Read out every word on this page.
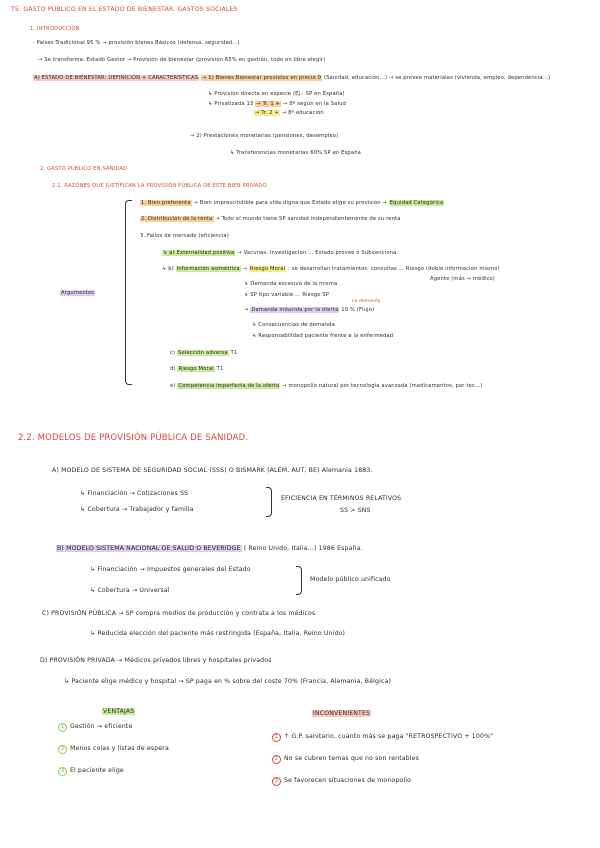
T5: GASTO PÚBLICO EN EL ESTADO DE BIENESTAR. GASTOS SOCIALES
1. INTRODUCCIÓN
· Países Tradicional 95 % → provisión bienes Básicos (defensa, seguridad...)
→ Se transforma: Estado Gestor → Provisión de bienestar (provisión 65% en gestión, todo en libre elegir)
A) ESTADO DE BIENESTAR: DEFINICIÓN + CARACTERÍSTICAS → 1) Bienes Bienestar provistos en precio 0 (Sanidad, educación...) → se provee materiales (vivienda, empleo, dependencia...)
↳ Provisión directa en especie (Ej.: SP en España)
↳ Privatizada 13 → Tr. 1 + → 8º según en la Salud
→ Tr. 2 + → 8º educación
→ 2) Prestaciones monetarias (pensiones, desempleo)
↳ Transferencias monetarias 60% SP en España
2. GASTO PÚBLICO EN SANIDAD
2.1. RAZONES QUE JUSTIFICAN LA PROVISIÓN PÚBLICA DE ESTE BIEN PRIVADO
Argumentos
1. Bien preferente → Bien imprescindible para vida digna que Estado elige su provisión → Equidad Categórica
2. Distribución de la renta → Todo el mundo tiene SP sanidad independientemente de su renta
3. Fallos de mercado (eficiencia)
↳ a) Externalidad positiva → Vacunas, Investigación ... Estado provee o Subvenciona.
↳ b) Información asimétrica → Riesgo Moral : se desarrollan tratamientos, consultas ... Riesgo (doble información mismo)
Agente (más → médico)
↳ Demanda excesiva de la misma
↳ SP tipo variable ... Riesgo SP
no demanda
→ Demanda inducida por la oferta 10 % (Flujo)
↳ Consecuencias de demanda
↳ Responsabilidad paciente frente a la enfermedad
c) Selección adversa T1
d) Riesgo Moral T1
e) Competencia imperfecta de la oferta → monopolio natural por tecnología avanzada (medicamentos, por tec...)
2.2. MODELOS DE PROVISIÓN PÚBLICA DE SANIDAD.
A) MODELO DE SISTEMA DE SEGURIDAD SOCIAL (SSS) O BISMARK (ALEM, AUT, BE) Alemania 1883.
↳ Financiación → Cotizaciones SS
↳ Cobertura → Trabajador y familia
EFICIENCIA EN TÉRMINOS RELATIVOS
SS > SNS
B) MODELO SISTEMA NACIONAL DE SALUD O BEVERIDGE ( Reino Unido, Italia...) 1986 España.
↳ Financiación → Impuestos generales del Estado
↳ Cobertura → Universal
Modelo público unificado
C) PROVISIÓN PÚBLICA → SP compra medios de producción y contrata a los médicos
↳ Reducida elección del paciente más restringida (España, Italia, Reino Unido)
D) PROVISIÓN PRIVADA → Médicos privados libres y hospitales privados
↳ Paciente elige médico y hospital → SP paga en % sobre del coste 70% (Francia, Alemania, Bélgica)
VENTAJAS
1 Gestión → eficiente
2 Menos colas y listas de espera
3 El paciente elige
INCONVENIENTES
1 ↑ G.P. sanitario, cuanto más se paga "RETROSPECTIVO + 100%"
2 No se cubren temas que no son rentables
3 Se favorecen situaciones de monopolio
